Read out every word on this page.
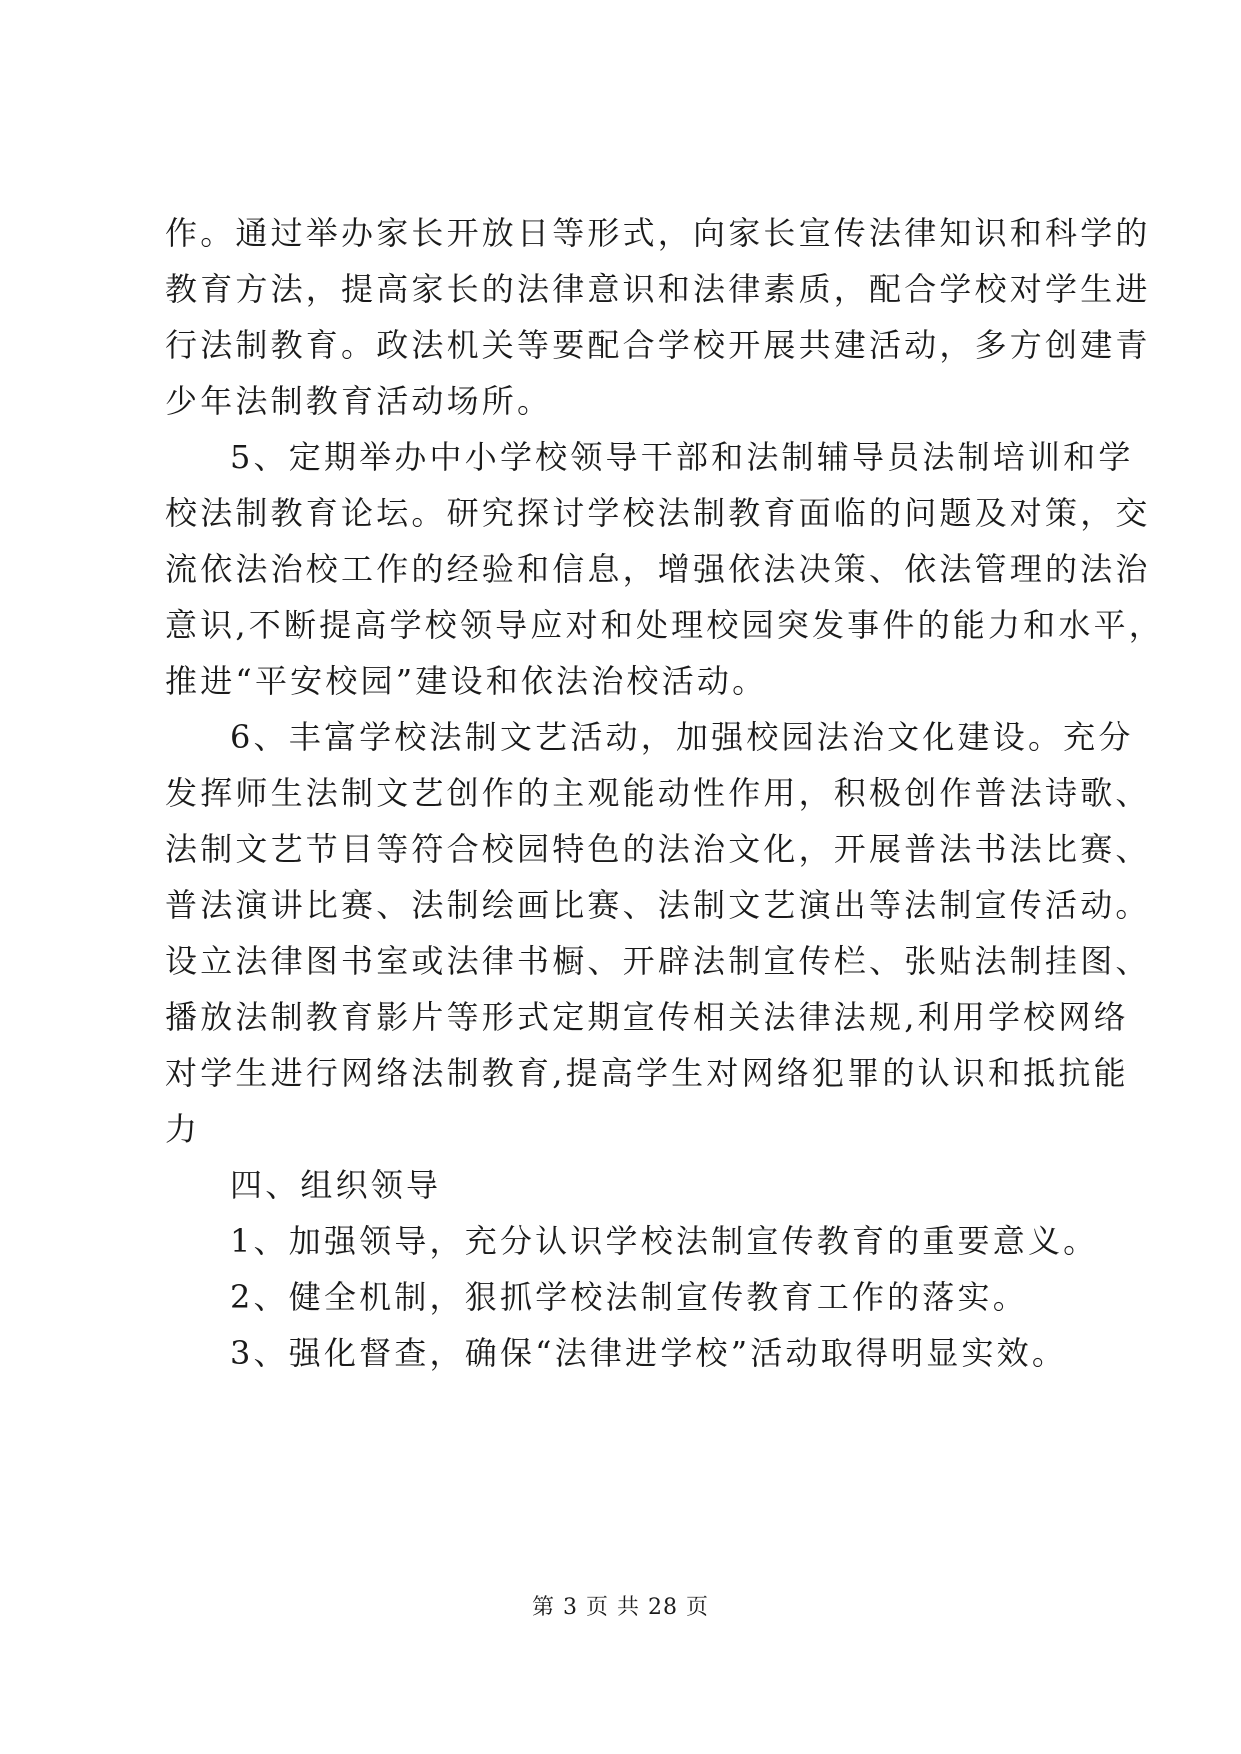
作。通过举办家长开放日等形式，向家长宣传法律知识和科学的
教育方法，提高家长的法律意识和法律素质，配合学校对学生进
行法制教育。政法机关等要配合学校开展共建活动，多方创建青
少年法制教育活动场所。
5、定期举办中小学校领导干部和法制辅导员法制培训和学
校法制教育论坛。研究探讨学校法制教育面临的问题及对策，交
流依法治校工作的经验和信息，增强依法决策、依法管理的法治
意识,不断提高学校领导应对和处理校园突发事件的能力和水平，
推进“平安校园”建设和依法治校活动。
6、丰富学校法制文艺活动，加强校园法治文化建设。充分
发挥师生法制文艺创作的主观能动性作用，积极创作普法诗歌、
法制文艺节目等符合校园特色的法治文化，开展普法书法比赛、
普法演讲比赛、法制绘画比赛、法制文艺演出等法制宣传活动。
设立法律图书室或法律书橱、开辟法制宣传栏、张贴法制挂图、
播放法制教育影片等形式定期宣传相关法律法规,利用学校网络
对学生进行网络法制教育,提高学生对网络犯罪的认识和抵抗能
力
四、组织领导
1、加强领导，充分认识学校法制宣传教育的重要意义。
2、健全机制，狠抓学校法制宣传教育工作的落实。
3、强化督查，确保“法律进学校”活动取得明显实效。
第 3 页 共 28 页
